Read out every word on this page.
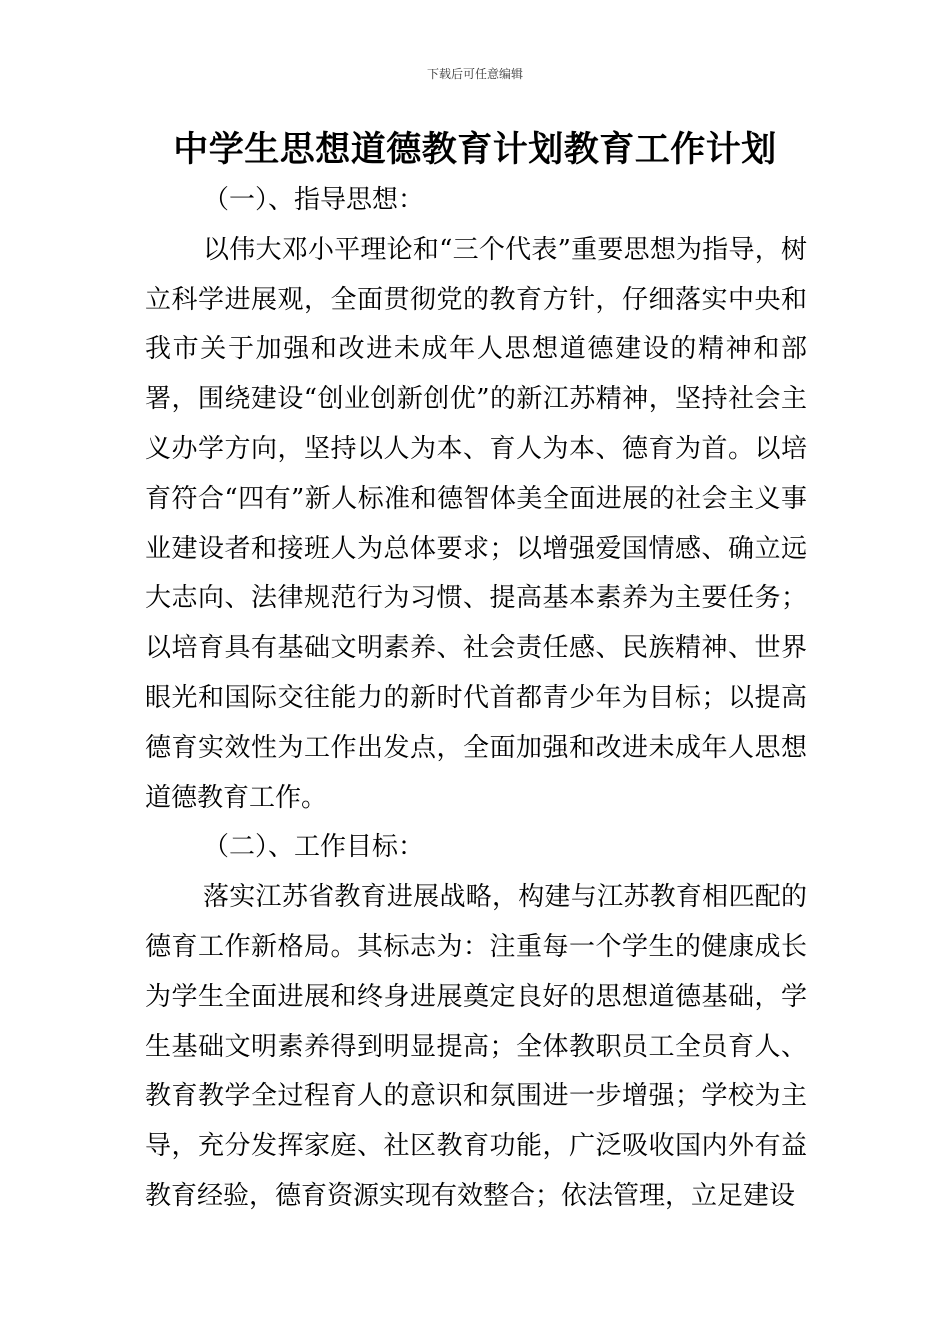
下载后可任意编辑
中学生思想道德教育计划教育工作计划
（一）、指导思想：

以伟大邓小平理论和“三个代表”重要思想为指导，树立科学进展观，全面贯彻党的教育方针，仔细落实中央和我市关于加强和改进未成年人思想道德建设的精神和部署，围绕建设“创业创新创优”的新江苏精神，坚持社会主义办学方向，坚持以人为本、育人为本、德育为首。以培育符合“四有”新人标准和德智体美全面进展的社会主义事业建设者和接班人为总体要求；以增强爱国情感、确立远大志向、法律规范行为习惯、提高基本素养为主要任务；以培育具有基础文明素养、社会责任感、民族精神、世界眼光和国际交往能力的新时代首都青少年为目标；以提高德育实效性为工作出发点，全面加强和改进未成年人思想道德教育工作。

（二）、工作目标：

落实江苏省教育进展战略，构建与江苏教育相匹配的德育工作新格局。其标志为：注重每一个学生的健康成长为学生全面进展和终身进展奠定良好的思想道德基础，学生基础文明素养得到明显提高；全体教职员工全员育人、教育教学全过程育人的意识和氛围进一步增强；学校为主导，充分发挥家庭、社区教育功能，广泛吸收国内外有益教育经验，德育资源实现有效整合；依法管理，立足建设
